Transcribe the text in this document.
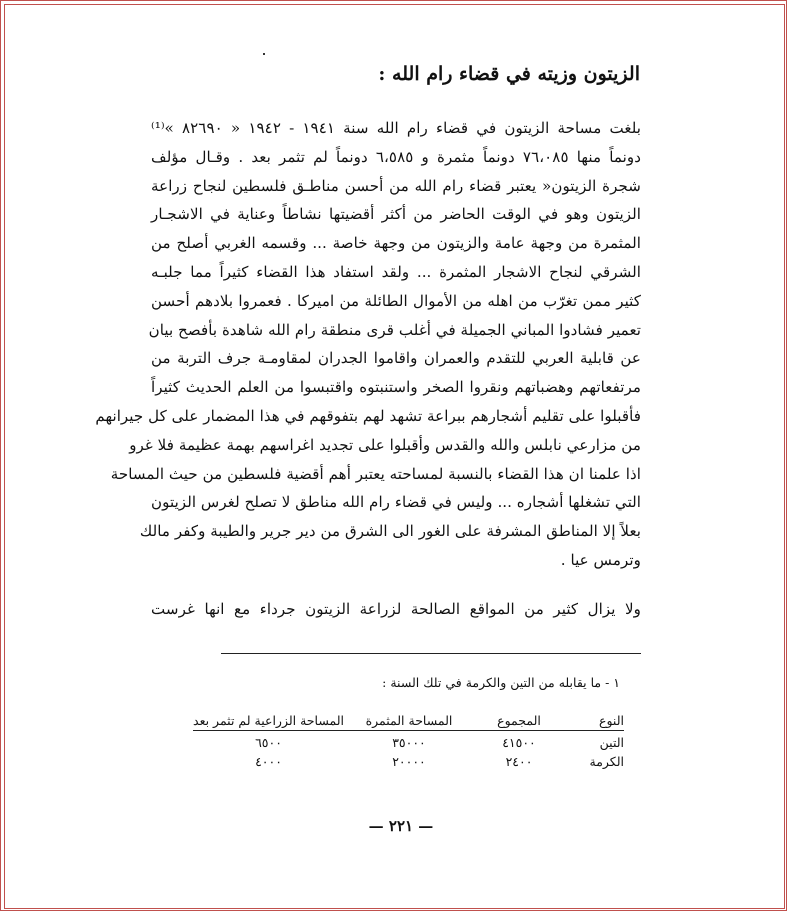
الزيتون وزيته في قضاء رام الله :
بلغت مساحة الزيتون في قضاء رام الله سنة ١٩٤١ - ١٩٤٢ « ٨٢٦٩٠ »⁽¹⁾
دونماً منها ٧٦،٠٨٥ دونماً مثمرة و ٦،٥٨٥ دونماً لم تثمر بعد . وقـال مؤلف
شجرة الزيتون« يعتبر قضاء رام الله من أحسن مناطـق فلسطين لنجاح زراعة
الزيتون وهو في الوقت الحاضر من أكثر أقضيتها نشاطاً وعناية في الاشجـار
المثمرة من وجهة عامة والزيتون من وجهة خاصة ... وقسمه الغربي أصلح من
الشرقي لنجاح الاشجار المثمرة ... ولقد استفاد هذا القضاء كثيراً مما جلبـه
كثير ممن تغرّب من اهله من الأموال الطائلة من اميركا . فعمروا بلادهم أحسن
تعمير فشادوا المباني الجميلة في أغلب قرى منطقة رام الله شاهدة بأفصح بيان
عن قابلية العربي للتقدم والعمران واقاموا الجدران لمقاومـة جرف التربة من
مرتفعاتهم وهضباتهم ونقروا الصخر واستنبتوه واقتبسوا من العلم الحديث كثيراً
فأقبلوا على تقليم أشجارهم ببراعة تشهد لهم بتفوقهم في هذا المضمار على كل جيرانهم
من مزارعي نابلس والله والقدس وأقبلوا على تجديد اغراسهم بهمة عظيمة فلا غرو
اذا علمنا ان هذا القضاء بالنسبة لمساحته يعتبر أهم أقضية فلسطين من حيث المساحة
التي تشغلها أشجاره ... وليس في قضاء رام الله مناطق لا تصلح لغرس الزيتون
بعلاً إلا المناطق المشرفة على الغور الى الشرق من دير جرير والطيبة وكفر مالك
وترمس عيا .
ولا يزال كثير من المواقع الصالحة لزراعة الزيتون جرداء مع انها غرست
١ - ما يقابله من التين والكرمة في تلك السنة :
النوع	المجموع	المساحة المثمرة	المساحة الزراعية لم تثمر بعد
التين	٤١٥٠٠	٣٥٠٠٠	٦٥٠٠
الكرمة	٢٤٠٠	٢٠٠٠٠	٤٠٠٠
— ٢٢١ —
